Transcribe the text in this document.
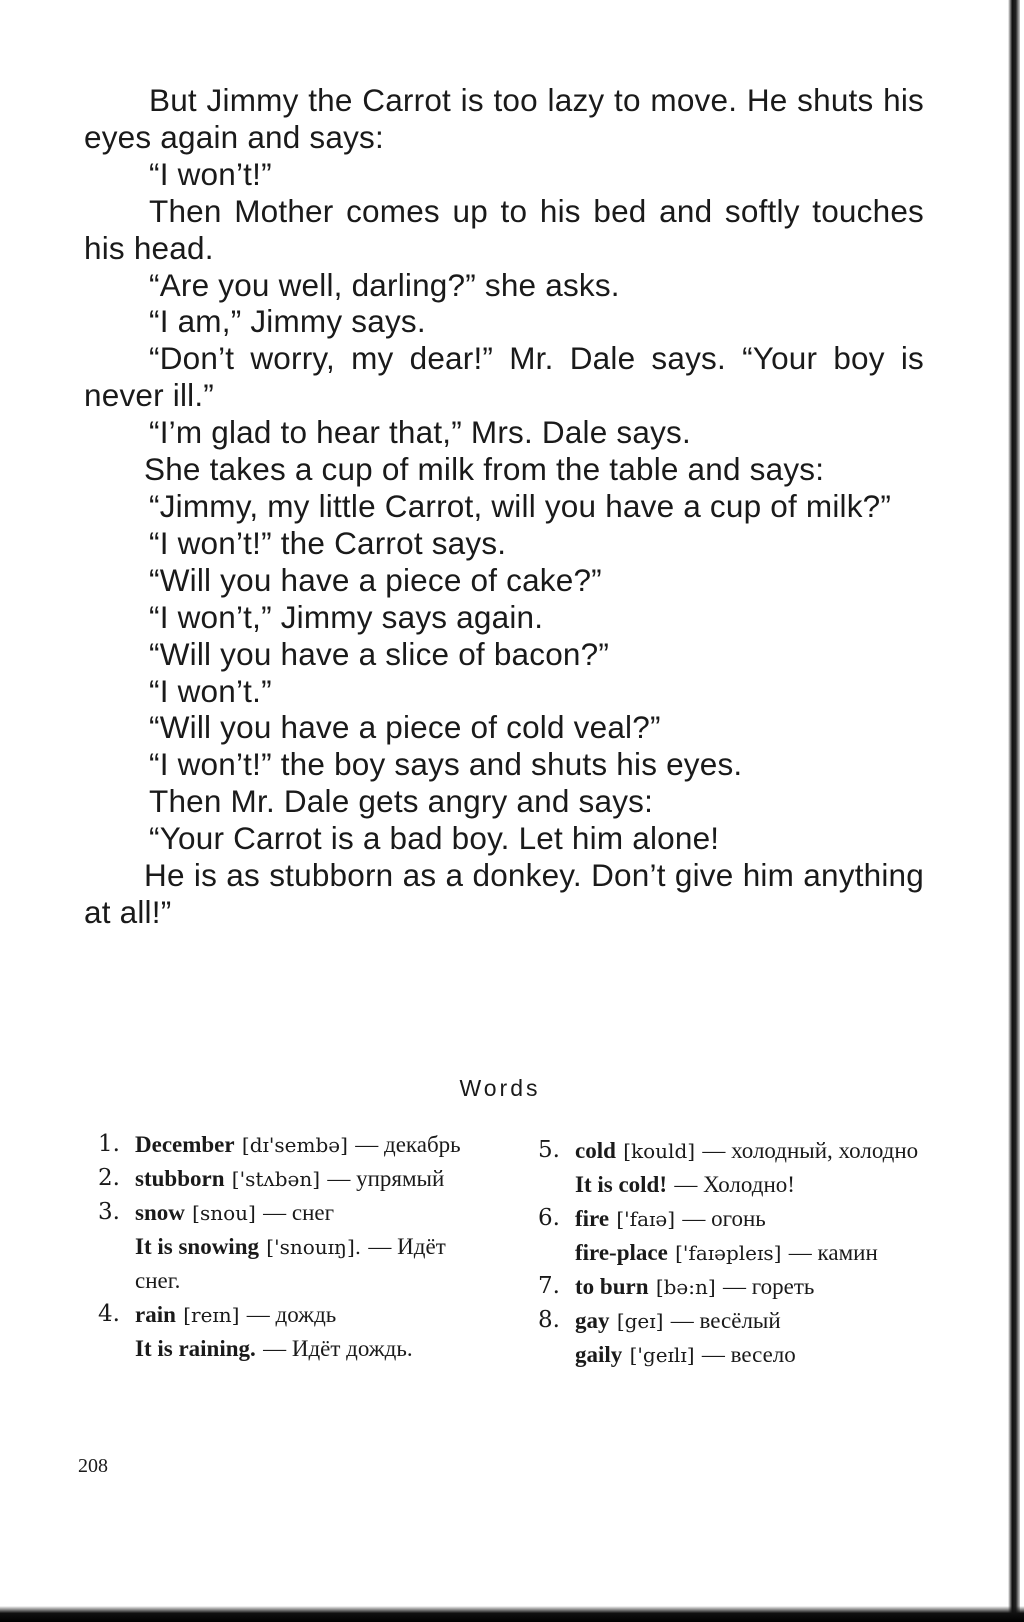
But Jimmy the Carrot is too lazy to move. He shuts his eyes again and says:

“I won’t!”

Then Mother comes up to his bed and softly touches his head.

“Are you well, darling?” she asks.

“I am,” Jimmy says.

“Don’t worry, my dear!” Mr. Dale says. “Your boy is never ill.”

“I’m glad to hear that,” Mrs. Dale says.

She takes a cup of milk from the table and says:

“Jimmy, my little Carrot, will you have a cup of milk?”

“I won’t!” the Carrot says.

“Will you have a piece of cake?”

“I won’t,” Jimmy says again.

“Will you have a slice of bacon?”

“I won’t.”

“Will you have a piece of cold veal?”

“I won’t!” the boy says and shuts his eyes.

Then Mr. Dale gets angry and says:

“Your Carrot is a bad boy. Let him alone!

He is as stubborn as a donkey. Don’t give him anything at all!”

Words
1. December [dɪ'sembə] — декабрь
2. stubborn ['stʌbən] — упрямый
3. snow [snou] — снег
It is snowing ['snouɪŋ]. — Идёт снег.
4. rain [reɪn] — дождь
It is raining. — Идёт дождь.
5. cold [kould] — холодный, холодно
It is cold! — Холодно!
6. fire ['faɪə] — огонь
fire-place ['faɪəpleɪs] — камин
7. to burn [bə:n] — гореть
8. gay [geɪ] — весёлый
gaily ['geɪlɪ] — весело
208
